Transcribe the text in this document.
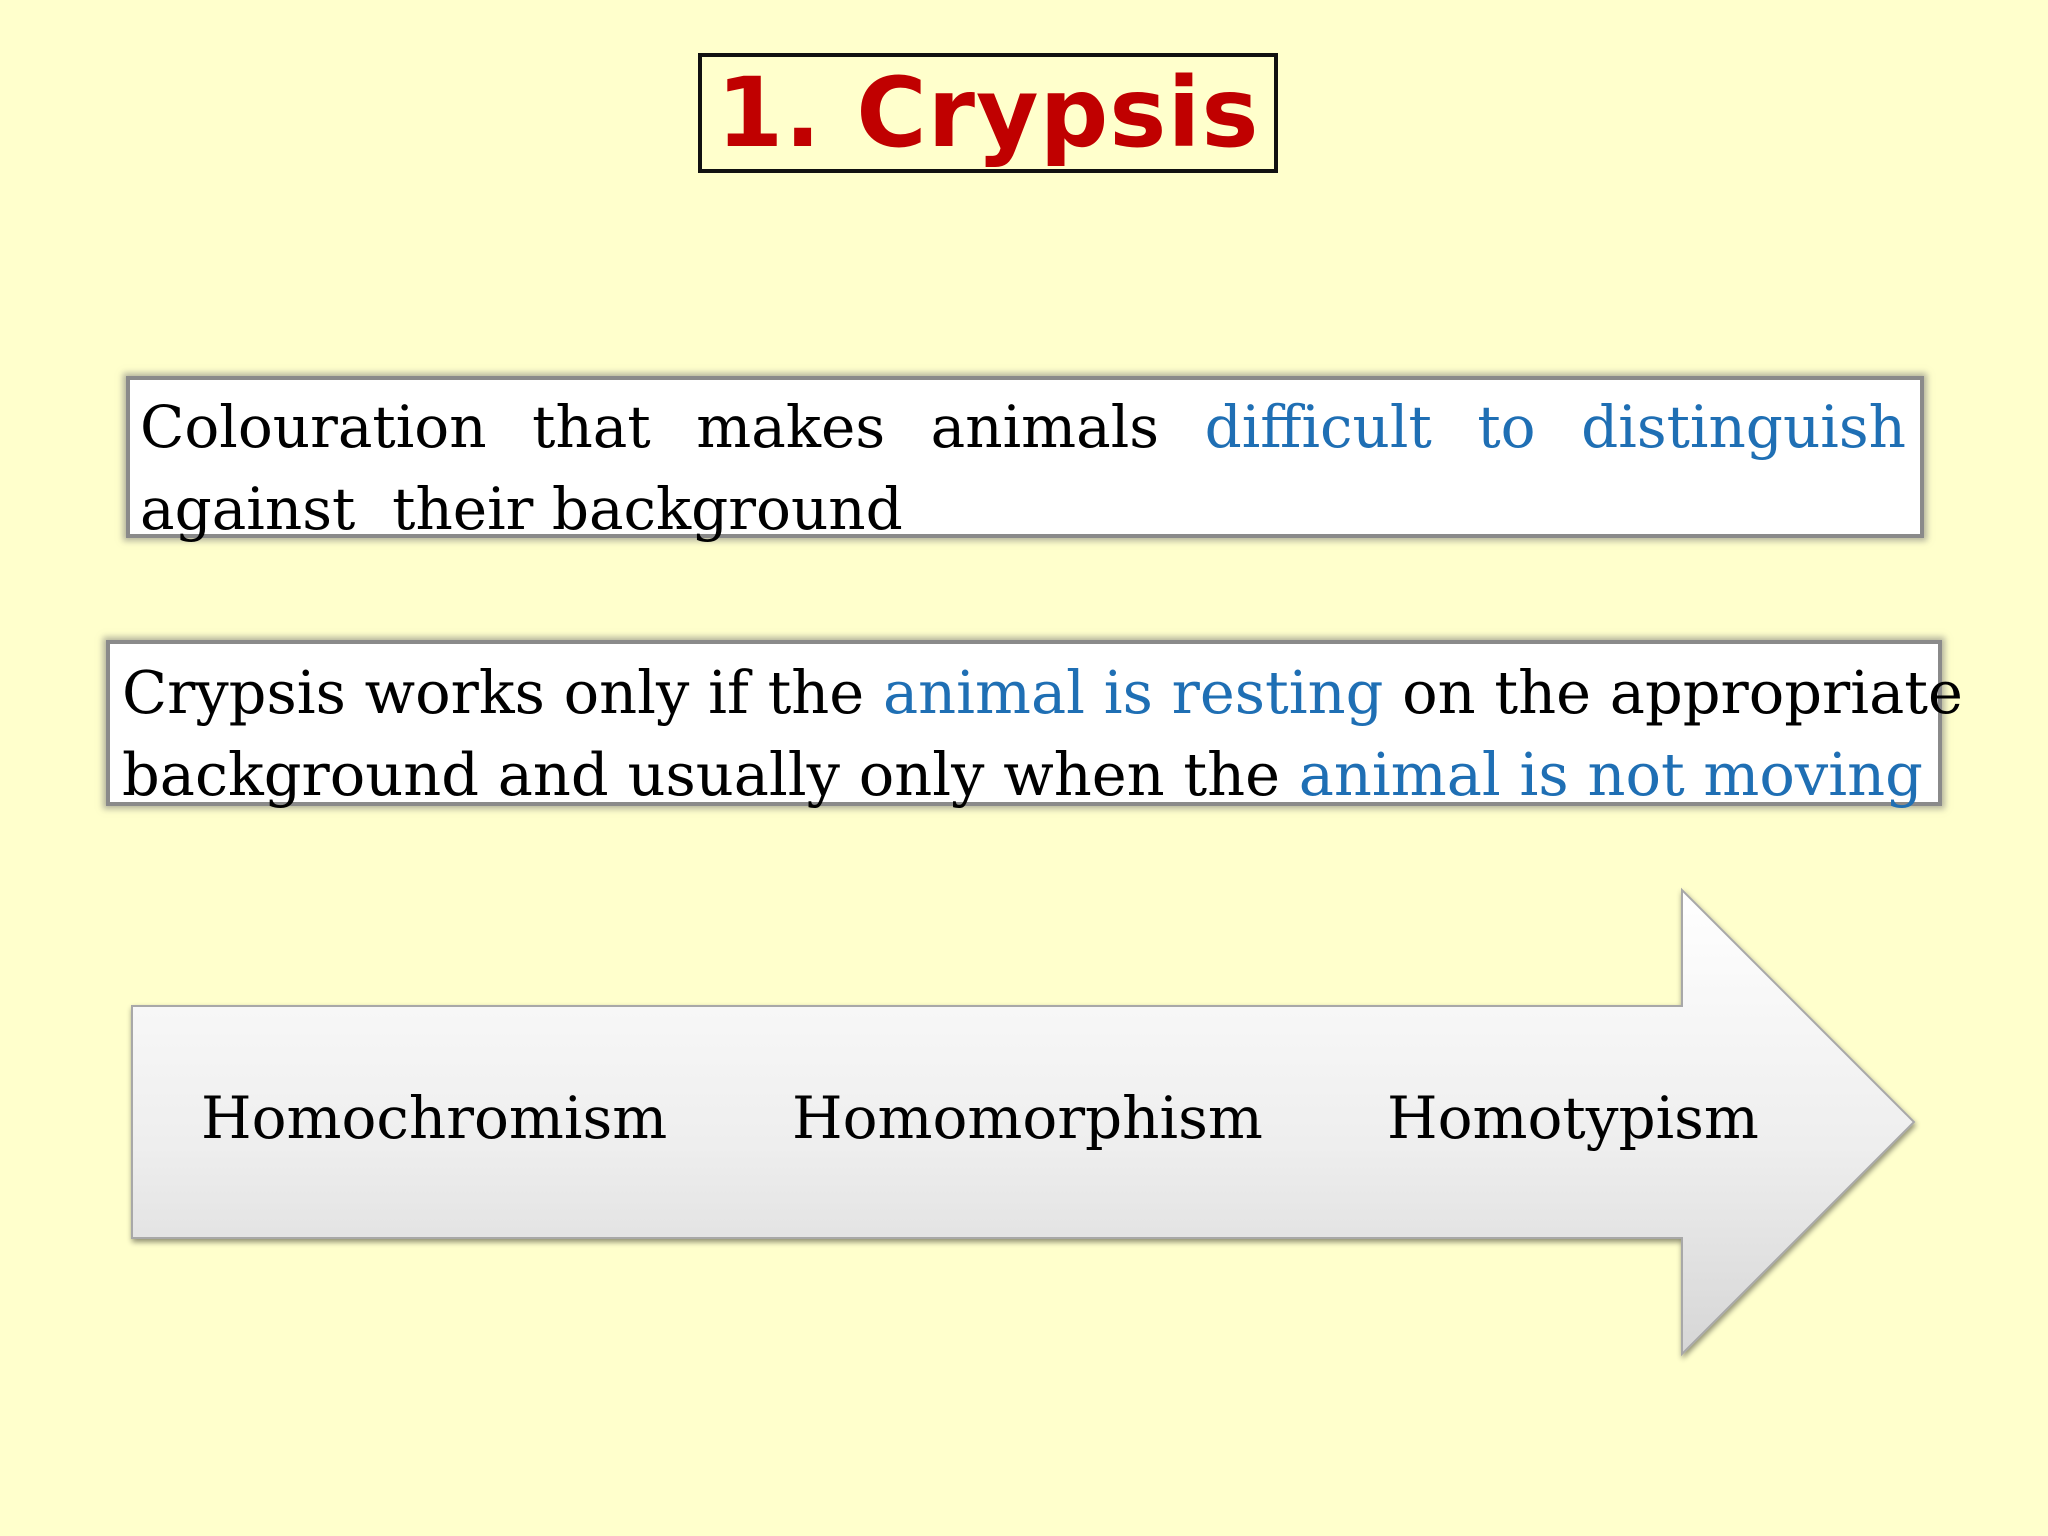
1. Crypsis
Colouration that makes animals difficult to distinguish
against  their background
Crypsis works only if the animal is resting on the appropriate
background and usually only when the animal is not moving
Homochromism Homomorphism Homotypism
